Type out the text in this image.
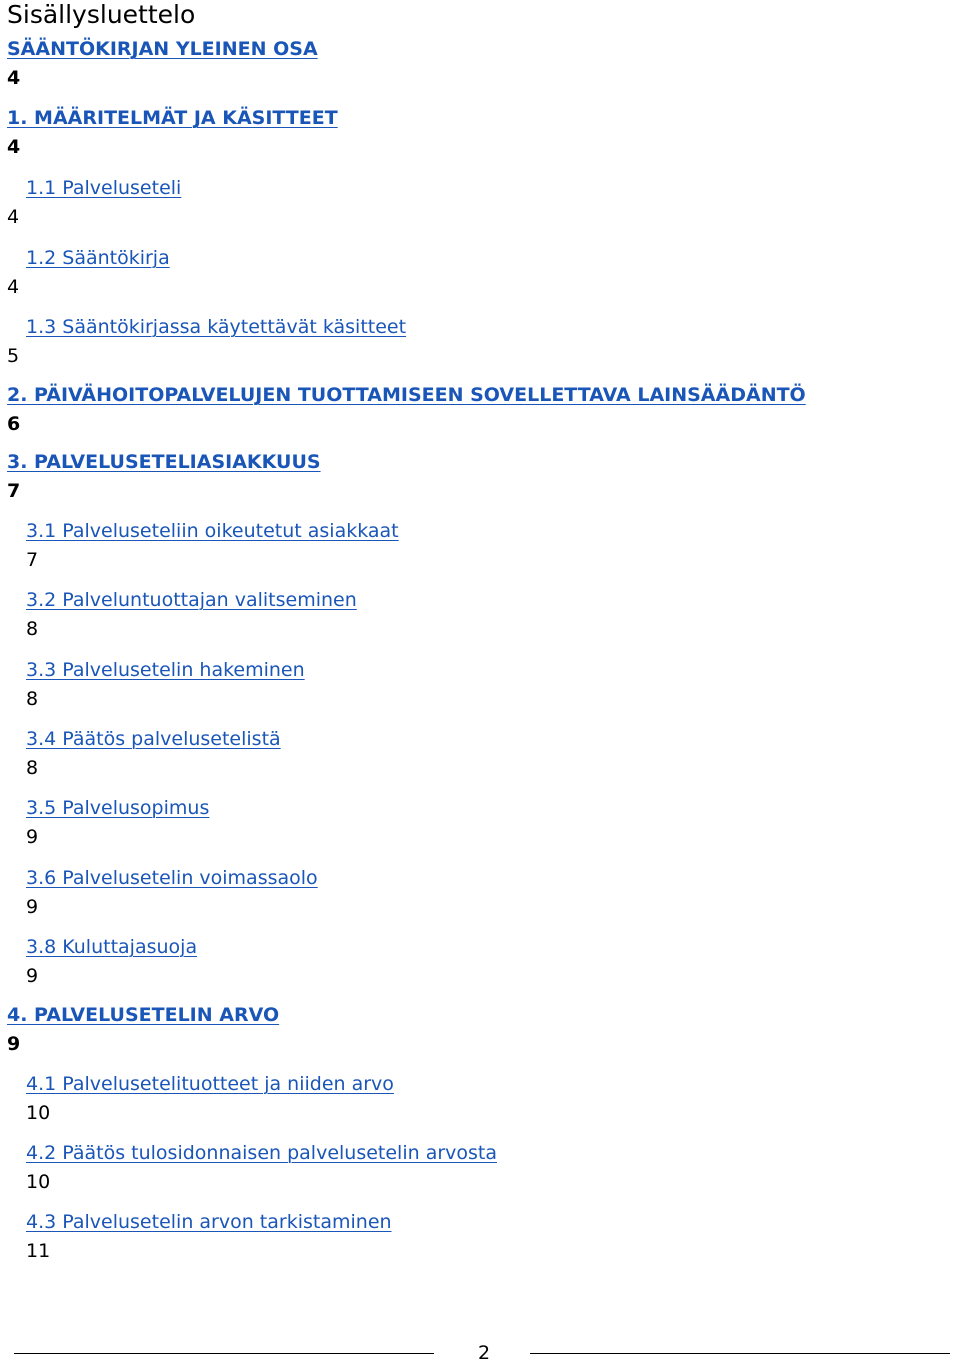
Sisällysluettelo
SÄÄNTÖKIRJAN YLEINEN OSA
4
1. MÄÄRITELMÄT JA KÄSITTEET
4
1.1 Palveluseteli
4
1.2 Sääntökirja
4
1.3 Sääntökirjassa käytettävät käsitteet
5
2. PÄIVÄHOITOPALVELUJEN TUOTTAMISEEN SOVELLETTAVA LAINSÄÄDÄNTÖ
6
3. PALVELUSETELIASIAKKUUS
7
3.1 Palveluseteliin oikeutetut asiakkaat
7
3.2 Palveluntuottajan valitseminen
8
3.3 Palvelusetelin hakeminen
8
3.4 Päätös palvelusetelistä
8
3.5 Palvelusopimus
9
3.6 Palvelusetelin voimassaolo
9
3.8 Kuluttajasuoja
9
4. PALVELUSETELIN ARVO
9
4.1 Palvelusetelituotteet ja niiden arvo
10
4.2 Päätös tulosidonnaisen palvelusetelin arvosta
10
4.3 Palvelusetelin arvon tarkistaminen
11
2
